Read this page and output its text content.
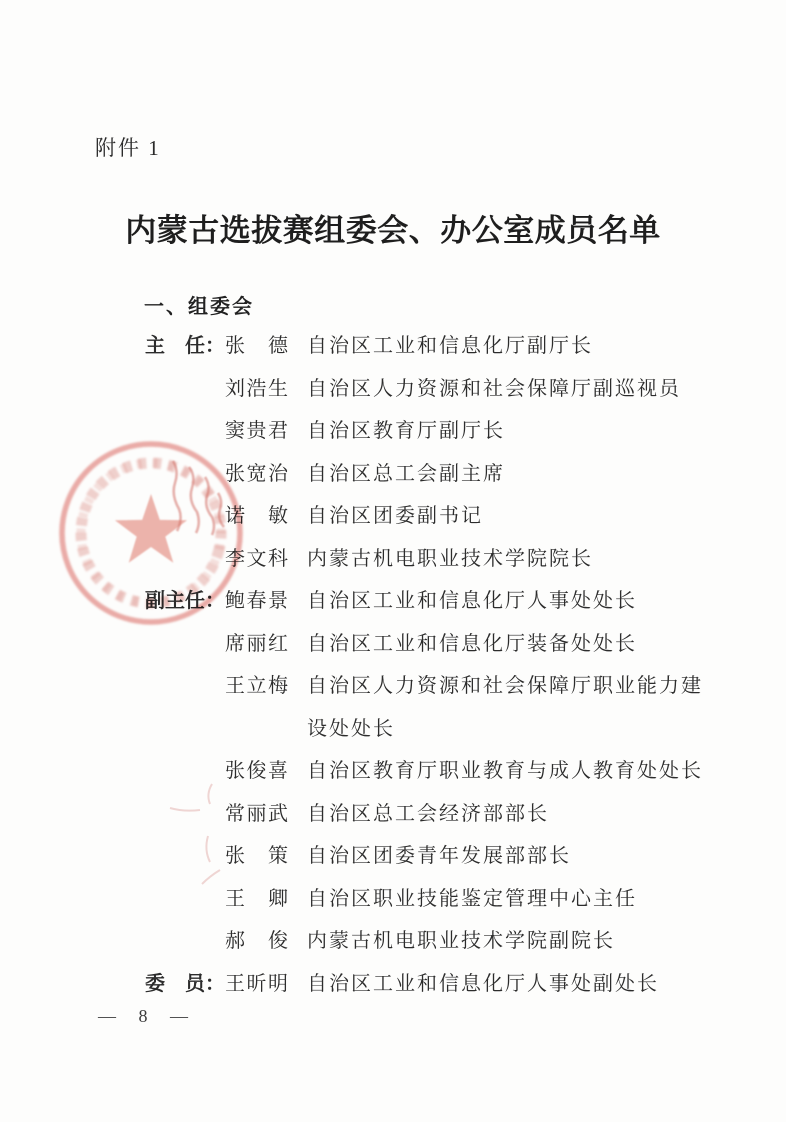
附件 1
内蒙古选拔赛组委会、办公室成员名单
一、组委会
主　任： 张　德 自治区工业和信息化厅副厅长
刘浩生 自治区人力资源和社会保障厅副巡视员
窦贵君 自治区教育厅副厅长
张宽治 自治区总工会副主席
诺　敏 自治区团委副书记
李文科 内蒙古机电职业技术学院院长
副主任： 鲍春景 自治区工业和信息化厅人事处处长
席丽红 自治区工业和信息化厅装备处处长
王立梅 自治区人力资源和社会保障厅职业能力建设处处长
张俊喜 自治区教育厅职业教育与成人教育处处长
常丽武 自治区总工会经济部部长
张　策 自治区团委青年发展部部长
王　卿 自治区职业技能鉴定管理中心主任
郝　俊 内蒙古机电职业技术学院副院长
委　员： 王昕明 自治区工业和信息化厅人事处副处长
— 8 —
